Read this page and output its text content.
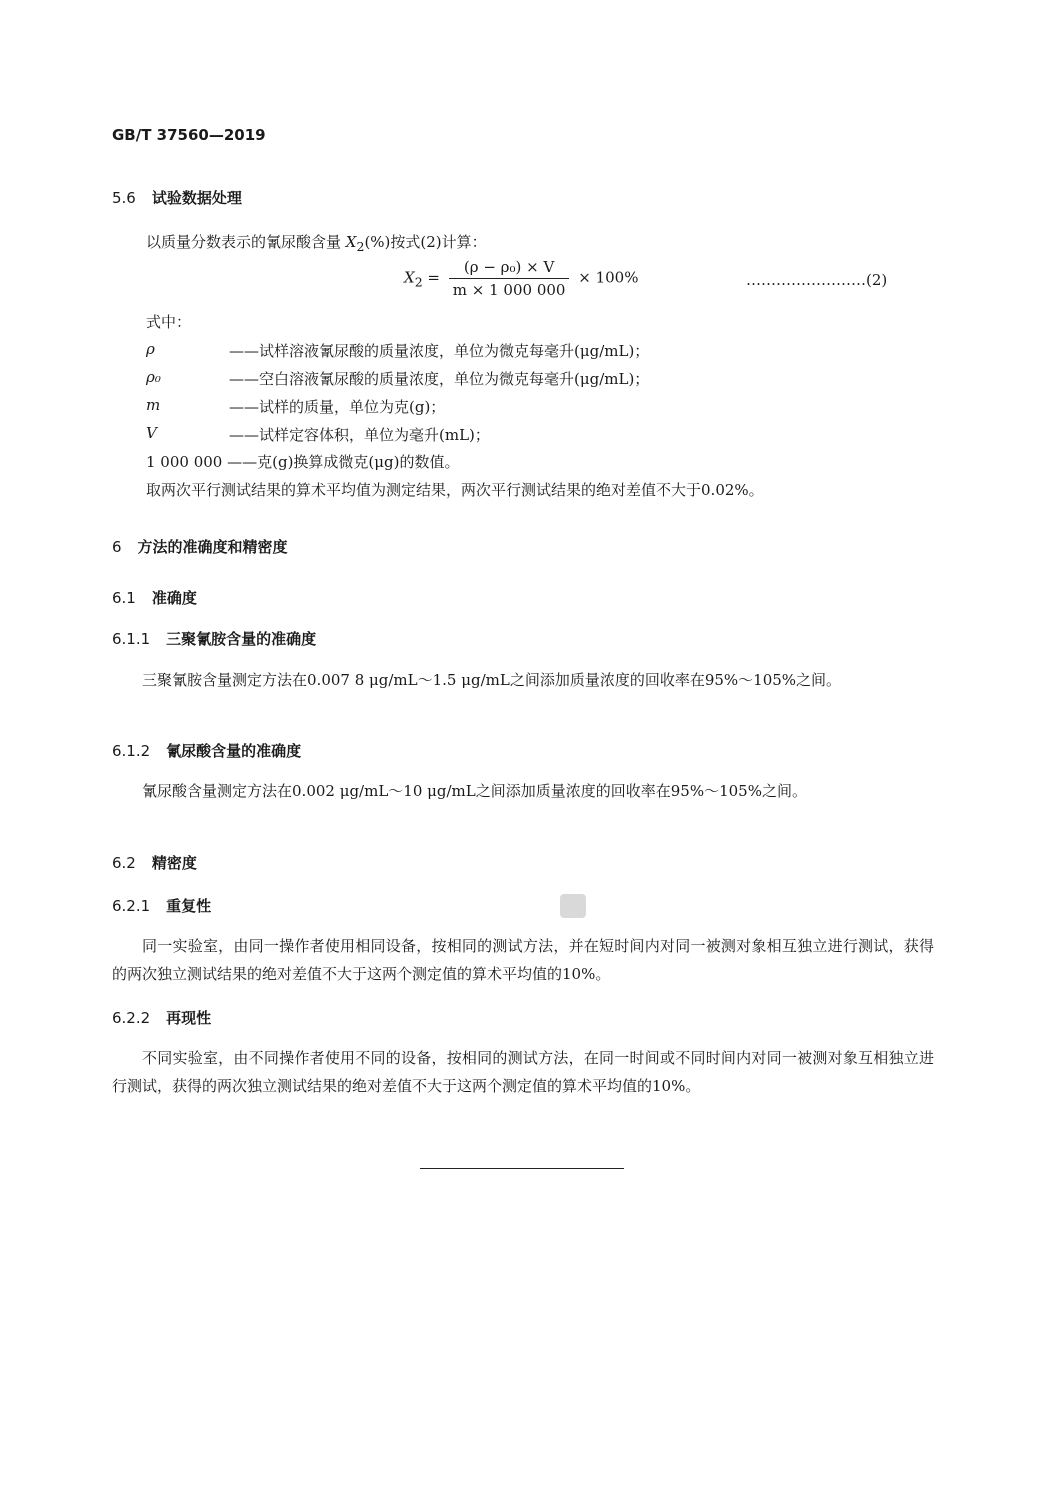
GB/T 37560—2019
5.6 试验数据处理
以质量分数表示的氰尿酸含量 $X_2(\%)$按式(2)计算：
$X_2 = \frac{\text{(ρ − ρ₀) × V}}{m \times 1 000 000} \times 100\%$	……………………(2)
式中：
ρ	——试样溶液氰尿酸的质量浓度，单位为微克每毫升(μg/mL)；
ρ₀	——空白溶液氰尿酸的质量浓度，单位为微克每毫升(μg/mL)；
m	——试样的质量，单位为克(g)；
V	——试样定容体积，单位为毫升(mL)；
1 000 000 ——克(g)换算成微克(μg)的数值。
取两次平行测试结果的算术平均值为测定结果，两次平行测试结果的绝对差值不大于0.02%。
6 方法的准确度和精密度
6.1 准确度
6.1.1 三聚氰胺含量的准确度
三聚氰胺含量测定方法在0.007 8 μg/mL～1.5 μg/mL之间添加质量浓度的回收率在95%～105%之间。
6.1.2 氰尿酸含量的准确度
氰尿酸含量测定方法在0.002 μg/mL～10 μg/mL之间添加质量浓度的回收率在95%～105%之间。
6.2 精密度
6.2.1 重复性
同一实验室，由同一操作者使用相同设备，按相同的测试方法，并在短时间内对同一被测对象相互独立进行测试，获得的两次独立测试结果的绝对差值不大于这两个测定值的算术平均值的10%。
6.2.2 再现性
不同实验室，由不同操作者使用不同的设备，按相同的测试方法，在同一时间或不同时间内对同一被测对象互相独立进行测试，获得的两次独立测试结果的绝对差值不大于这两个测定值的算术平均值的10%。
